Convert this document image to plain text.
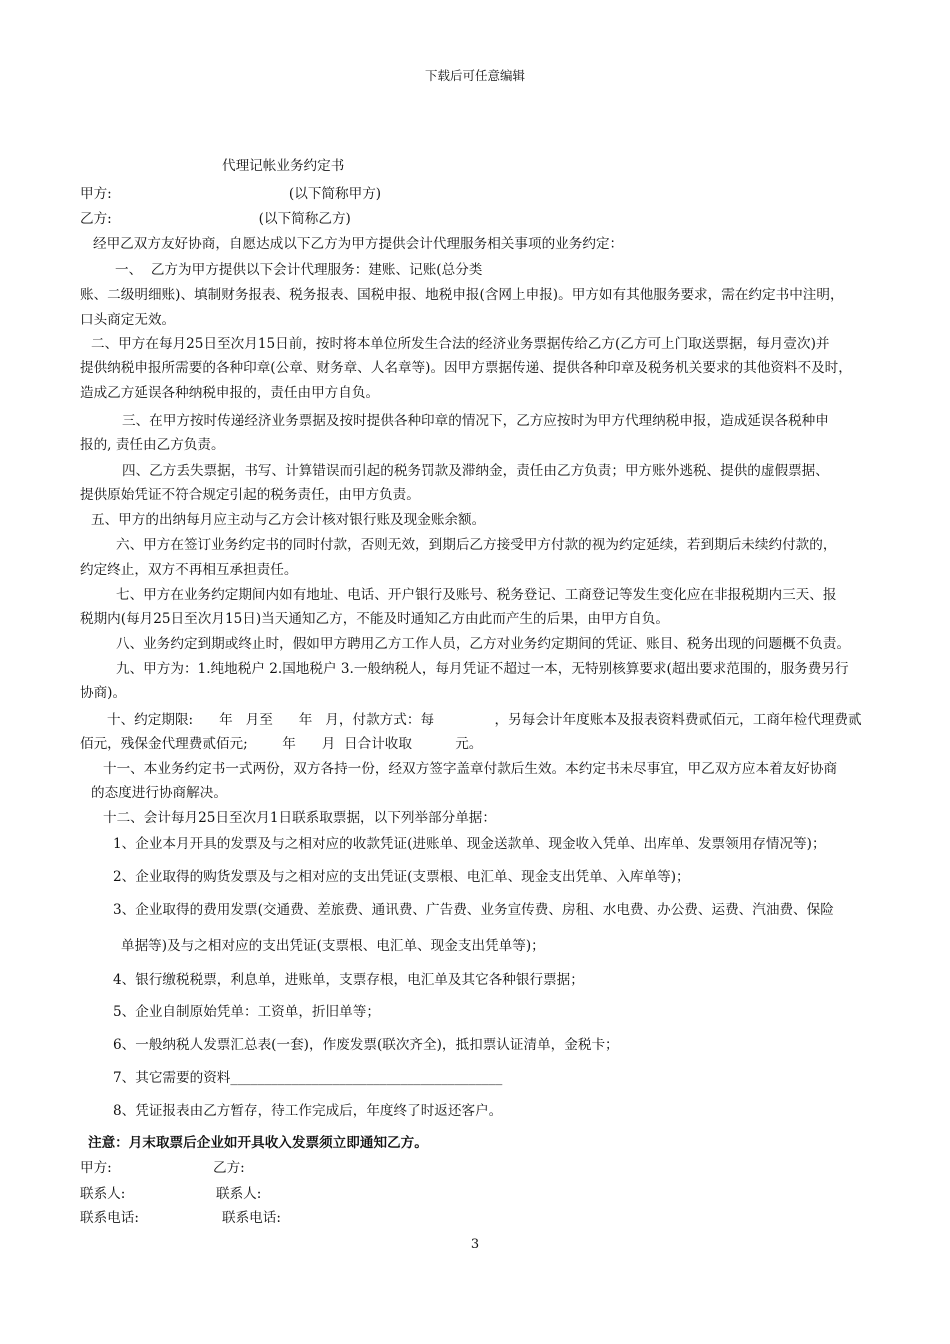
下载后可任意编辑
代理记帐业务约定书
甲方:                                         (以下简称甲方)
乙方:                                  (以下简称乙方)
经甲乙双方友好协商，自愿达成以下乙方为甲方提供会计代理服务相关事项的业务约定：
一、  乙方为甲方提供以下会计代理服务：建账、记账(总分类
账、二级明细账)、填制财务报表、税务报表、国税申报、地税申报(含网上申报)。甲方如有其他服务要求，需在约定书中注明，
口头商定无效。
二、甲方在每月25日至次月15日前，按时将本单位所发生合法的经济业务票据传给乙方(乙方可上门取送票据，每月壹次)并
提供纳税申报所需要的各种印章(公章、财务章、人名章等)。因甲方票据传递、提供各种印章及税务机关要求的其他资料不及时，
造成乙方延误各种纳税申报的，责任由甲方自负。
三、在甲方按时传递经济业务票据及按时提供各种印章的情况下，乙方应按时为甲方代理纳税申报，造成延误各税种申
报的, 责任由乙方负责。
四、乙方丢失票据，书写、计算错误而引起的税务罚款及滞纳金，责任由乙方负责；甲方账外逃税、提供的虚假票据、
提供原始凭证不符合规定引起的税务责任，由甲方负责。
五、甲方的出纳每月应主动与乙方会计核对银行账及现金账余额。
六、甲方在签订业务约定书的同时付款，否则无效，到期后乙方接受甲方付款的视为约定延续，若到期后未续约付款的，
约定终止，双方不再相互承担责任。
七、甲方在业务约定期间内如有地址、电话、开户银行及账号、税务登记、工商登记等发生变化应在非报税期内三天、报
税期内(每月25日至次月15日)当天通知乙方，不能及时通知乙方由此而产生的后果，由甲方自负。
八、业务约定到期或终止时，假如甲方聘用乙方工作人员，乙方对业务约定期间的凭证、账目、税务出现的问题概不负责。
九、甲方为：1.纯地税户 2.国地税户 3.一般纳税人，每月凭证不超过一本，无特别核算要求(超出要求范围的，服务费另行
协商)。
十、约定期限:      年   月至      年   月，付款方式：每              ，另每会计年度账本及报表资料费贰佰元，工商年检代理费贰
佰元，残保金代理费贰佰元;        年      月  日合计收取          元。
十一、本业务约定书一式两份，双方各持一份，经双方签字盖章付款后生效。本约定书未尽事宜，甲乙双方应本着友好协商
的态度进行协商解决。
十二、会计每月25日至次月1日联系取票据，以下列举部分单据：
1、企业本月开具的发票及与之相对应的收款凭证(进账单、现金送款单、现金收入凭单、出库单、发票领用存情况等)；
2、企业取得的购货发票及与之相对应的支出凭证(支票根、电汇单、现金支出凭单、入库单等)；
3、企业取得的费用发票(交通费、差旅费、通讯费、广告费、业务宣传费、房租、水电费、办公费、运费、汽油费、保险
单据等)及与之相对应的支出凭证(支票根、电汇单、现金支出凭单等)；
4、银行缴税税票，利息单，进账单，支票存根，电汇单及其它各种银行票据；
5、企业自制原始凭单：工资单，折旧单等；
6、一般纳税人发票汇总表(一套)，作废发票(联次齐全)，抵扣票认证清单，金税卡；
7、其它需要的资料________________________________________
8、凭证报表由乙方暂存，待工作完成后，年度终了时返还客户。
注意：月末取票后企业如开具收入发票须立即通知乙方。
甲方:	乙方:
联系人:	联系人:
联系电话:	联系电话:
3
